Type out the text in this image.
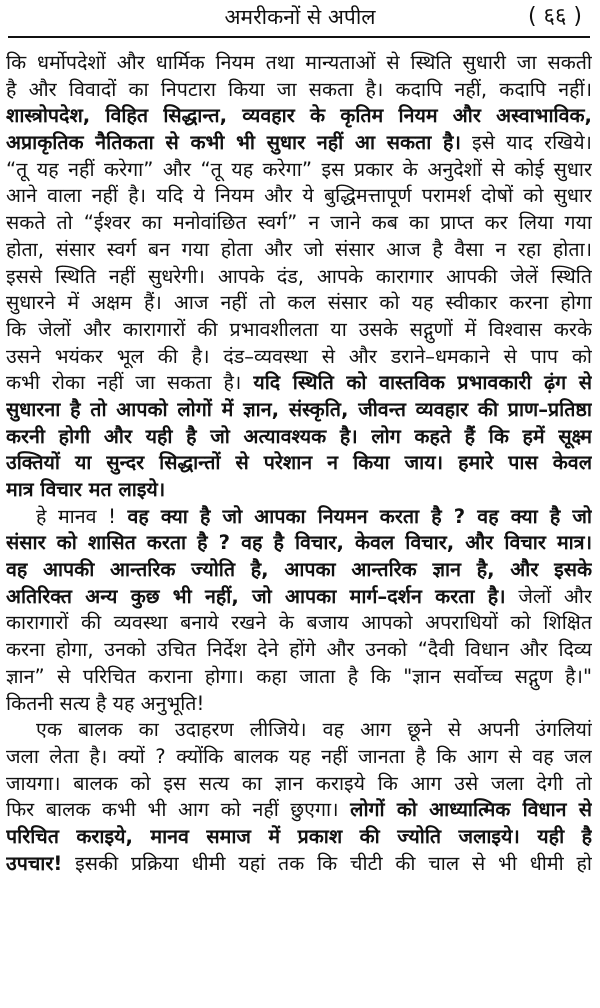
अमरीकनों से अपील	( ६६ )
कि धर्मोपदेशों और धार्मिक नियम तथा मान्यताओं से स्थिति सुधारी जा सकती
है और विवादों का निपटारा किया जा सकता है। कदापि नहीं, कदापि नहीं।
शास्त्रोपदेश, विहित सिद्धान्त, व्यवहार के कृतिम नियम और अस्वाभाविक,
अप्राकृतिक नैतिकता से कभी भी सुधार नहीं आ सकता है। इसे याद रखिये।
“तू यह नहीं करेगा” और “तू यह करेगा” इस प्रकार के अनुदेशों से कोई सुधार
आने वाला नहीं है। यदि ये नियम और ये बुद्धिमत्तापूर्ण परामर्श दोषों को सुधार
सकते तो “ईश्वर का मनोवांछित स्वर्ग” न जाने कब का प्राप्त कर लिया गया
होता, संसार स्वर्ग बन गया होता और जो संसार आज है वैसा न रहा होता।
इससे स्थिति नहीं सुधरेगी। आपके दंड, आपके कारागार आपकी जेलें स्थिति
सुधारने में अक्षम हैं। आज नहीं तो कल संसार को यह स्वीकार करना होगा
कि जेलों और कारागारों की प्रभावशीलता या उसके सद्गुणों में विश्वास करके
उसने भयंकर भूल की है। दंड–व्यवस्था से और डराने–धमकाने से पाप को
कभी रोका नहीं जा सकता है। यदि स्थिति को वास्तविक प्रभावकारी ढ़ंग से
सुधारना है तो आपको लोगों में ज्ञान, संस्कृति, जीवन्त व्यवहार की प्राण–प्रतिष्ठा
करनी होगी और यही है जो अत्यावश्यक है। लोग कहते हैं कि हमें सूक्ष्म
उक्तियों या सुन्दर सिद्धान्तों से परेशान न किया जाय। हमारे पास केवल
मात्र विचार मत लाइये।
हे मानव ! वह क्या है जो आपका नियमन करता है ? वह क्या है जो
संसार को शासित करता है ? वह है विचार, केवल विचार, और विचार मात्र।
वह आपकी आन्तरिक ज्योति है, आपका आन्तरिक ज्ञान है, और इसके
अतिरिक्त अन्य कुछ भी नहीं, जो आपका मार्ग–दर्शन करता है। जेलों और
कारागारों की व्यवस्था बनाये रखने के बजाय आपको अपराधियों को शिक्षित
करना होगा, उनको उचित निर्देश देने होंगे और उनको “दैवी विधान और दिव्य
ज्ञान” से परिचित कराना होगा। कहा जाता है कि "ज्ञान सर्वोच्च सद्गुण है।"
कितनी सत्य है यह अनुभूति!
एक बालक का उदाहरण लीजिये। वह आग छूने से अपनी उंगलियां
जला लेता है। क्यों ? क्योंकि बालक यह नहीं जानता है कि आग से वह जल
जायगा। बालक को इस सत्य का ज्ञान कराइये कि आग उसे जला देगी तो
फिर बालक कभी भी आग को नहीं छुएगा। लोगों को आध्यात्मिक विधान से
परिचित कराइये, मानव समाज में प्रकाश की ज्योति जलाइये। यही है
उपचार! इसकी प्रक्रिया धीमी यहां तक कि चीटी की चाल से भी धीमी हो
